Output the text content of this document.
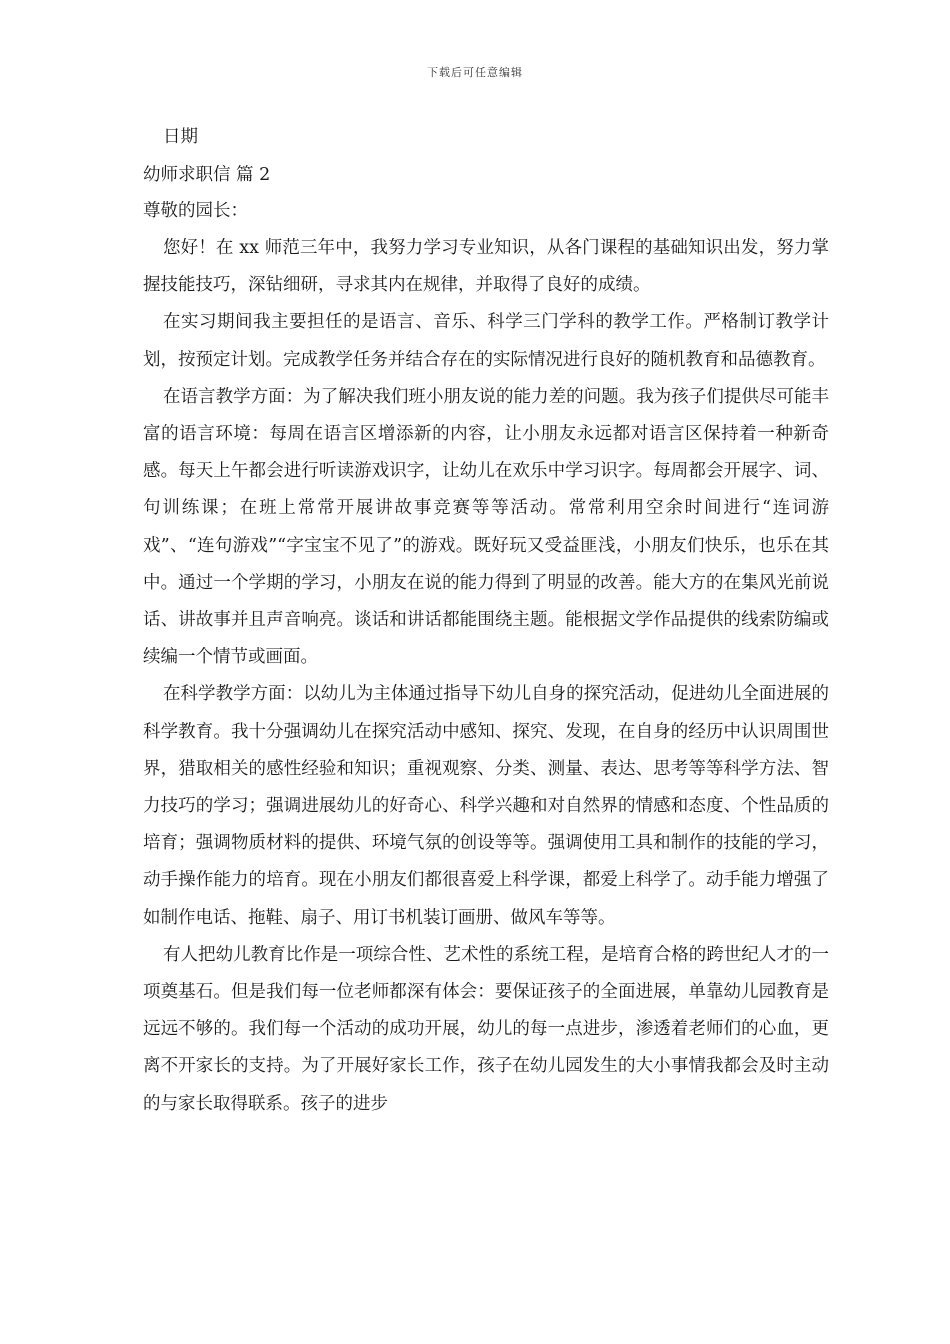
下载后可任意编辑

日期

幼师求职信 篇 2

尊敬的园长：

您好！在 xx 师范三年中，我努力学习专业知识，从各门课程的基础知识出发，努力掌握技能技巧，深钻细研，寻求其内在规律，并取得了良好的成绩。

在实习期间我主要担任的是语言、音乐、科学三门学科的教学工作。严格制订教学计划，按预定计划。完成教学任务并结合存在的实际情况进行良好的随机教育和品德教育。

在语言教学方面：为了解决我们班小朋友说的能力差的问题。我为孩子们提供尽可能丰富的语言环境：每周在语言区增添新的内容，让小朋友永远都对语言区保持着一种新奇感。每天上午都会进行听读游戏识字，让幼儿在欢乐中学习识字。每周都会开展字、词、句训练课；在班上常常开展讲故事竞赛等等活动。常常利用空余时间进行“连词游戏”、“连句游戏”“字宝宝不见了”的游戏。既好玩又受益匪浅，小朋友们快乐，也乐在其中。通过一个学期的学习，小朋友在说的能力得到了明显的改善。能大方的在集风光前说话、讲故事并且声音响亮。谈话和讲话都能围绕主题。能根据文学作品提供的线索防编或续编一个情节或画面。

在科学教学方面：以幼儿为主体通过指导下幼儿自身的探究活动，促进幼儿全面进展的科学教育。我十分强调幼儿在探究活动中感知、探究、发现，在自身的经历中认识周围世界，猎取相关的感性经验和知识；重视观察、分类、测量、表达、思考等等科学方法、智力技巧的学习；强调进展幼儿的好奇心、科学兴趣和对自然界的情感和态度、个性品质的培育；强调物质材料的提供、环境气氛的创设等等。强调使用工具和制作的技能的学习，动手操作能力的培育。现在小朋友们都很喜爱上科学课，都爱上科学了。动手能力增强了如制作电话、拖鞋、扇子、用订书机装订画册、做风车等等。

有人把幼儿教育比作是一项综合性、艺术性的系统工程，是培育合格的跨世纪人才的一项奠基石。但是我们每一位老师都深有体会：要保证孩子的全面进展，单靠幼儿园教育是远远不够的。我们每一个活动的成功开展，幼儿的每一点进步，渗透着老师们的心血，更离不开家长的支持。为了开展好家长工作，孩子在幼儿园发生的大小事情我都会及时主动的与家长取得联系。孩子的进步
